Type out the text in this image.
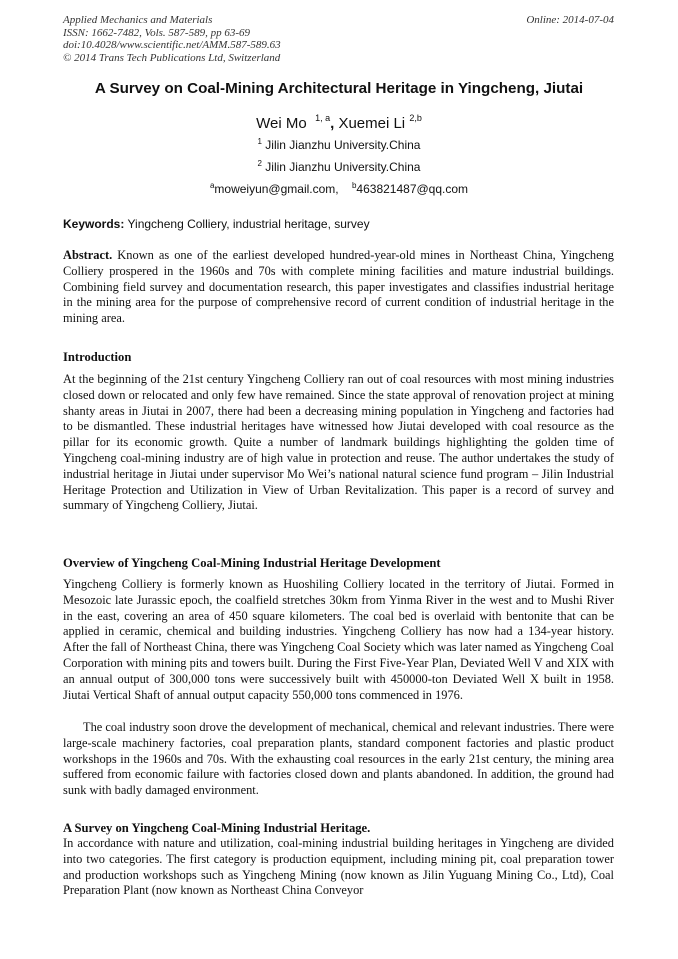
Applied Mechanics and Materials
ISSN: 1662-7482, Vols. 587-589, pp 63-69
doi:10.4028/www.scientific.net/AMM.587-589.63
© 2014 Trans Tech Publications Ltd, Switzerland
Online: 2014-07-04
A Survey on Coal-Mining Architectural Heritage in Yingcheng, Jiutai
Wei Mo $^{1, a}$, Xuemei Li $^{2,b}$
$^1$ Jilin Jianzhu University.China
$^2$ Jilin Jianzhu University.China
$^a$moweiyun@gmail.com, $^b$463821487@qq.com
Keywords: Yingcheng Colliery, industrial heritage, survey
Abstract. Known as one of the earliest developed hundred-year-old mines in Northeast China, Yingcheng Colliery prospered in the 1960s and 70s with complete mining facilities and mature industrial buildings. Combining field survey and documentation research, this paper investigates and classifies industrial heritage in the mining area for the purpose of comprehensive record of current condition of industrial heritage in the mining area.
Introduction
At the beginning of the 21st century Yingcheng Colliery ran out of coal resources with most mining industries closed down or relocated and only few have remained. Since the state approval of renovation project at mining shanty areas in Jiutai in 2007, there had been a decreasing mining population in Yingcheng and factories had to be dismantled. These industrial heritages have witnessed how Jiutai developed with coal resource as the pillar for its economic growth. Quite a number of landmark buildings highlighting the golden time of Yingcheng coal-mining industry are of high value in protection and reuse. The author undertakes the study of industrial heritage in Jiutai under supervisor Mo Wei’s national natural science fund program – Jilin Industrial Heritage Protection and Utilization in View of Urban Revitalization. This paper is a record of survey and summary of Yingcheng Colliery, Jiutai.
Overview of Yingcheng Coal-Mining Industrial Heritage Development
Yingcheng Colliery is formerly known as Huoshiling Colliery located in the territory of Jiutai. Formed in Mesozoic late Jurassic epoch, the coalfield stretches 30km from Yinma River in the west and to Mushi River in the east, covering an area of 450 square kilometers. The coal bed is overlaid with bentonite that can be applied in ceramic, chemical and building industries. Yingcheng Colliery has now had a 134-year history. After the fall of Northeast China, there was Yingcheng Coal Society which was later named as Yingcheng Coal Corporation with mining pits and towers built. During the First Five-Year Plan, Deviated Well V and XIX with an annual output of 300,000 tons were successively built with 450000-ton Deviated Well X built in 1958. Jiutai Vertical Shaft of annual output capacity 550,000 tons commenced in 1976.
The coal industry soon drove the development of mechanical, chemical and relevant industries. There were large-scale machinery factories, coal preparation plants, standard component factories and plastic product workshops in the 1960s and 70s. With the exhausting coal resources in the early 21st century, the mining area suffered from economic failure with factories closed down and plants abandoned. In addition, the ground had sunk with badly damaged environment.
A Survey on Yingcheng Coal-Mining Industrial Heritage.
In accordance with nature and utilization, coal-mining industrial building heritages in Yingcheng are divided into two categories. The first category is production equipment, including mining pit, coal preparation tower and production workshops such as Yingcheng Mining (now known as Jilin Yuguang Mining Co., Ltd), Coal Preparation Plant (now known as Northeast China Conveyor
